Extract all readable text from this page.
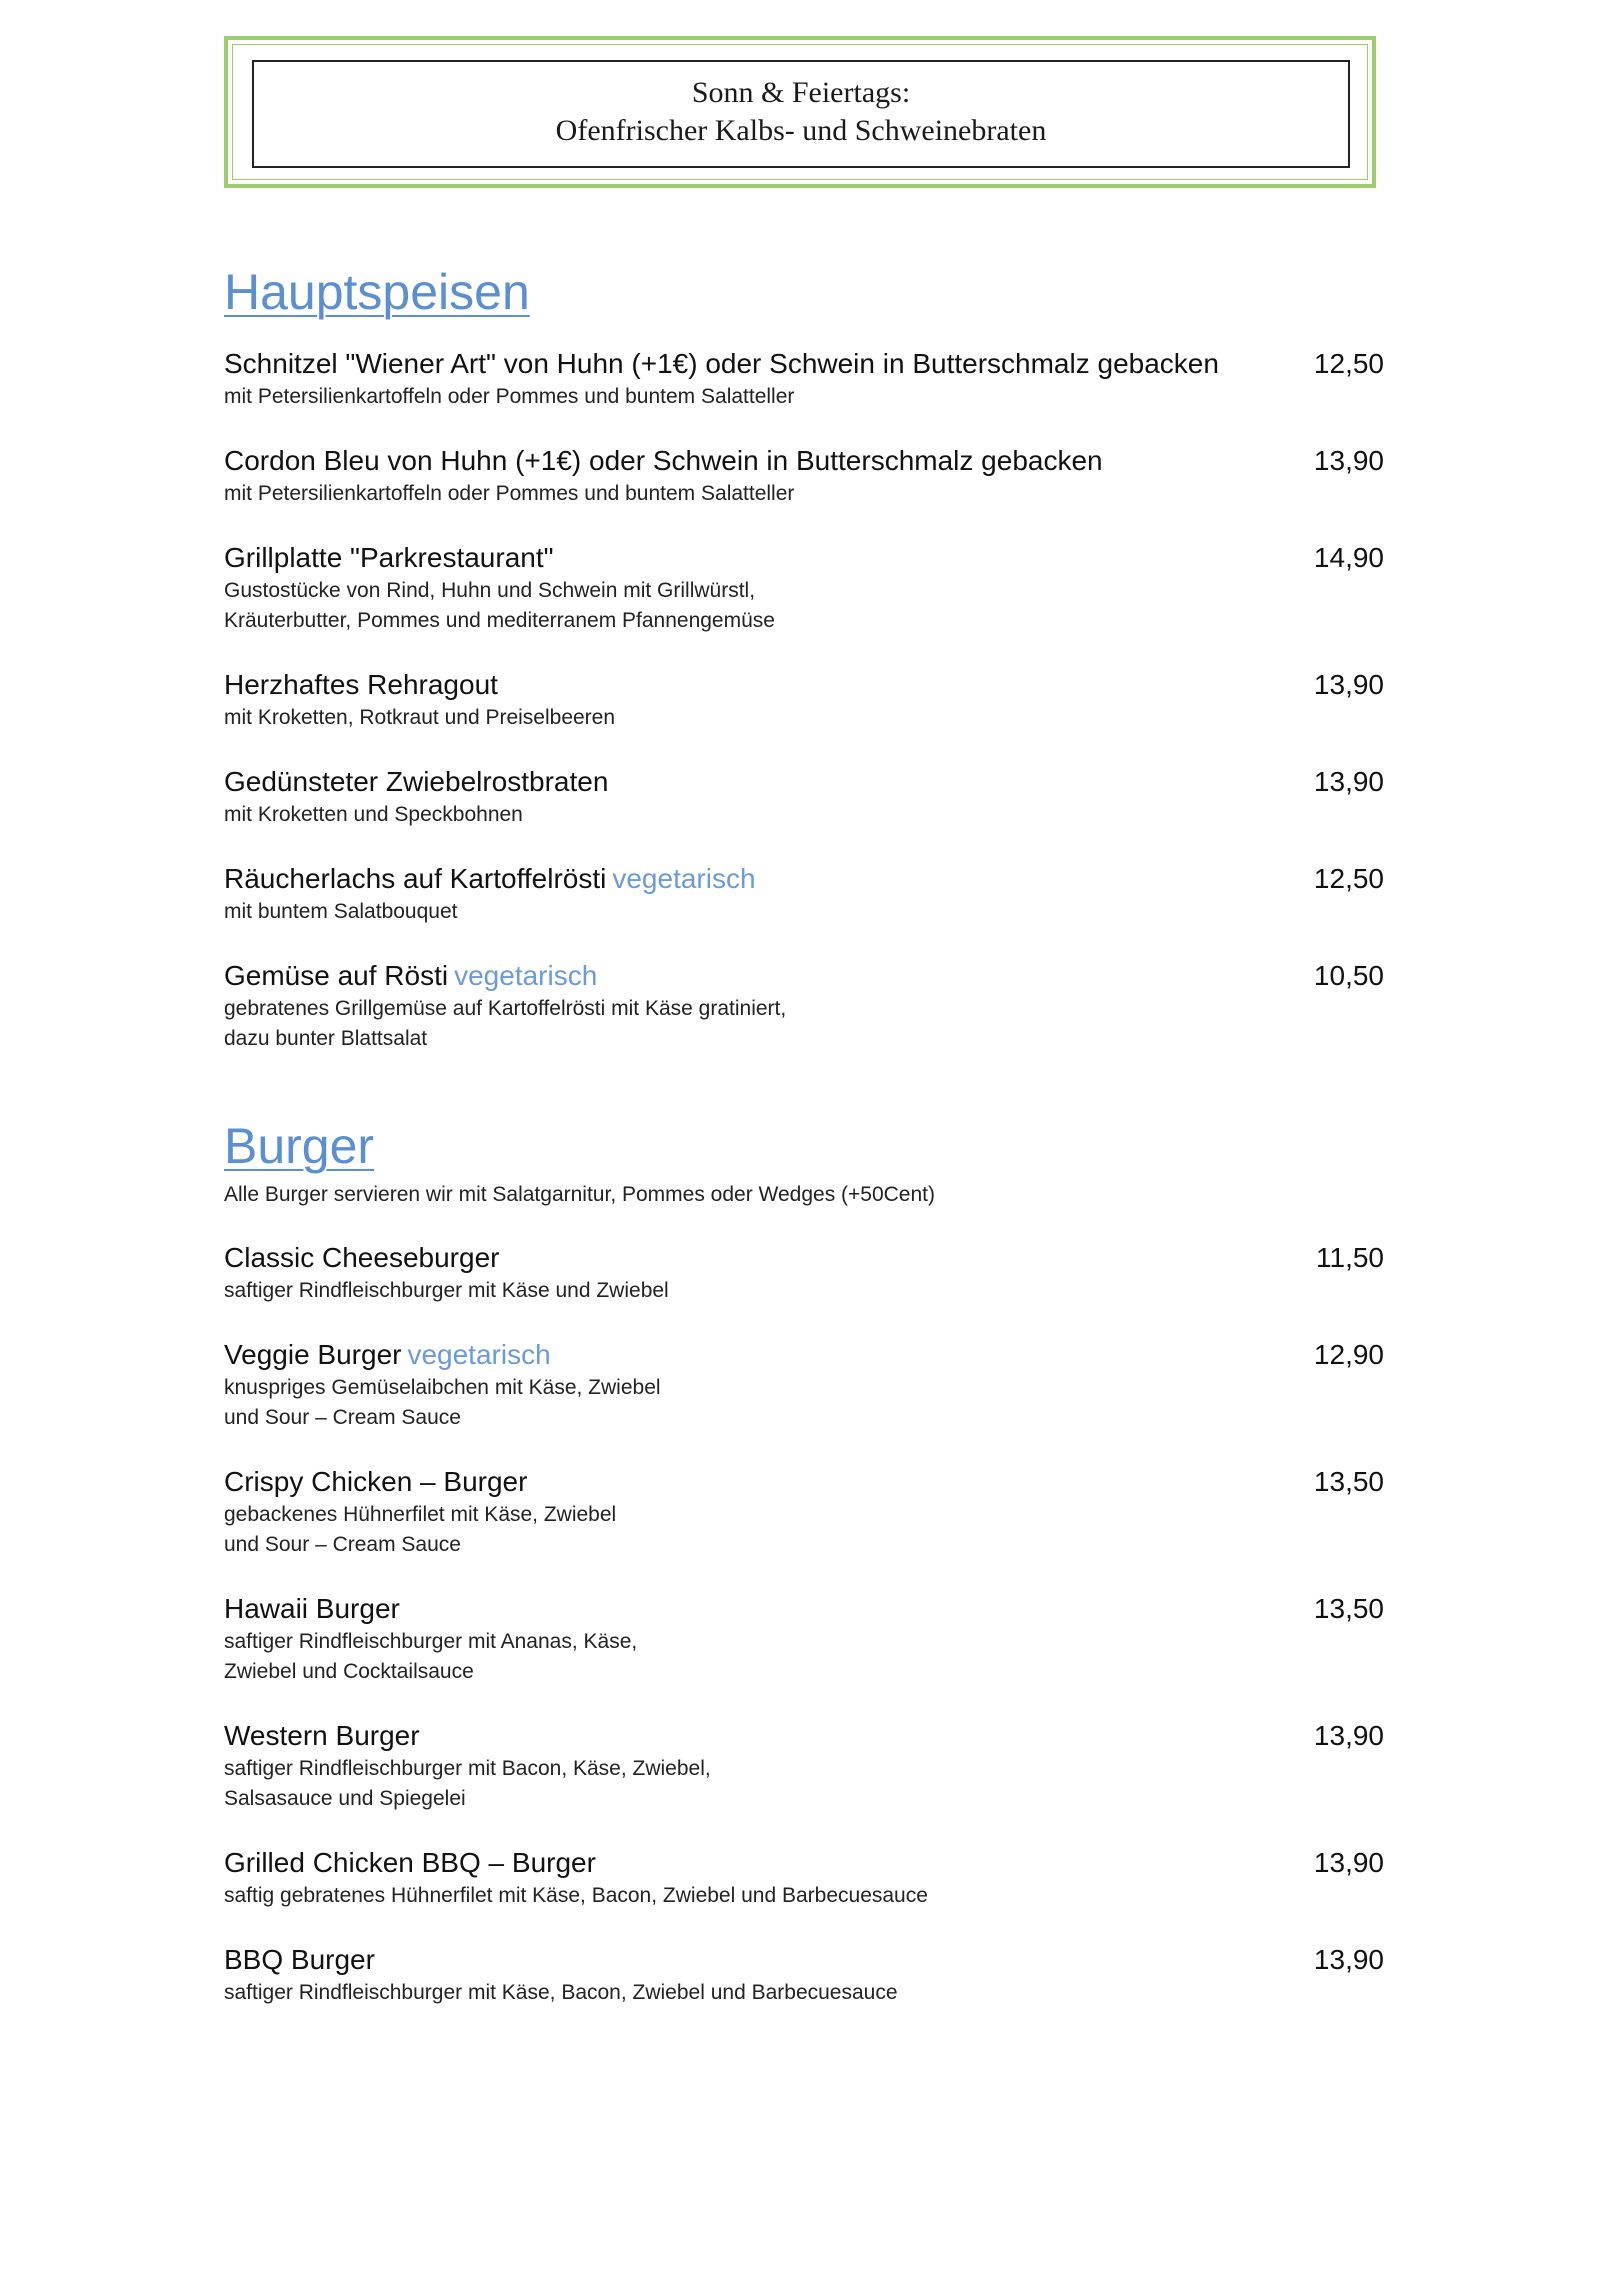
Sonn & Feiertags:
Ofenfrischer Kalbs- und Schweinebraten
Hauptspeisen
Schnitzel "Wiener Art" von Huhn (+1€) oder Schwein in Butterschmalz gebacken
mit Petersilienkartoffeln oder Pommes und buntem Salatteller
12,50
Cordon Bleu von Huhn (+1€) oder Schwein in Butterschmalz gebacken
mit Petersilienkartoffeln oder Pommes und buntem Salatteller
13,90
Grillplatte "Parkrestaurant"
Gustostücke von Rind, Huhn und Schwein mit Grillwürstl,
Kräuterbutter, Pommes und mediterranem Pfannengemüse
14,90
Herzhaftes Rehragout
mit Kroketten, Rotkraut und Preiselbeeren
13,90
Gedünsteter Zwiebelrostbraten
mit Kroketten und Speckbohnen
13,90
Räucherlachs auf Kartoffelrösti vegetarisch
mit buntem Salatbouquet
12,50
Gemüse auf Rösti vegetarisch
gebratenes Grillgemüse auf Kartoffelrösti mit Käse gratiniert,
dazu bunter Blattsalat
10,50
Burger
Alle Burger servieren wir mit Salatgarnitur, Pommes oder Wedges (+50Cent)
Classic Cheeseburger
saftiger Rindfleischburger mit Käse und Zwiebel
11,50
Veggie Burger vegetarisch
knuspriges Gemüselaibchen mit Käse, Zwiebel
und Sour – Cream Sauce
12,90
Crispy Chicken – Burger
gebackenes Hühnerfilet mit Käse, Zwiebel
und Sour – Cream Sauce
13,50
Hawaii Burger
saftiger Rindfleischburger mit Ananas, Käse,
Zwiebel und Cocktailsauce
13,50
Western Burger
saftiger Rindfleischburger mit Bacon, Käse, Zwiebel,
Salsasauce und Spiegelei
13,90
Grilled Chicken BBQ – Burger
saftig gebratenes Hühnerfilet mit Käse, Bacon, Zwiebel und Barbecuesauce
13,90
BBQ Burger
saftiger Rindfleischburger mit Käse, Bacon, Zwiebel und Barbecuesauce
13,90
